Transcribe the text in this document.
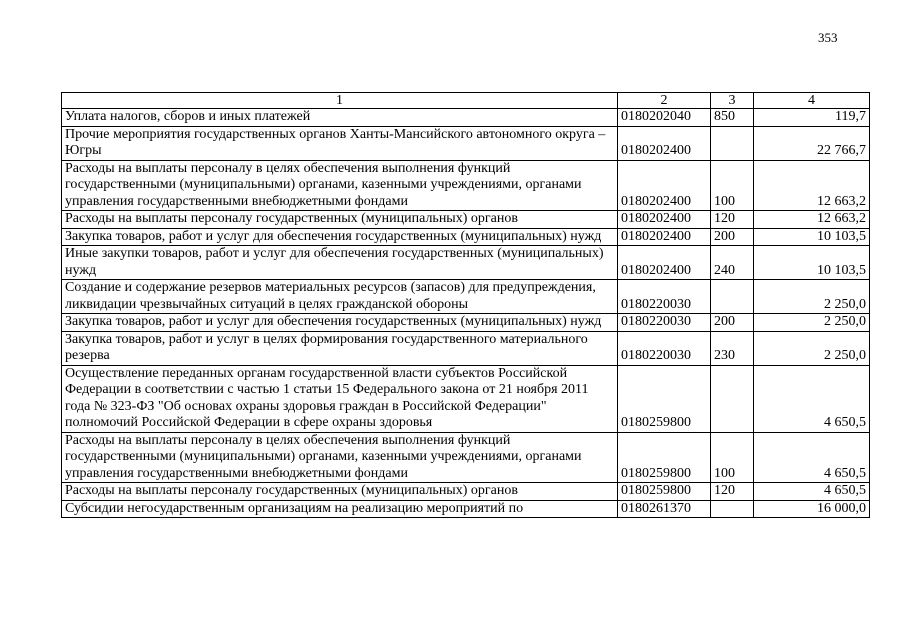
353
1	2	3	4
Уплата налогов, сборов и иных платежей	0180202040	850	119,7
Прочие мероприятия государственных органов Ханты-Мансийского автономного округа – Югры	0180202400		22 766,7
Расходы на выплаты персоналу в целях обеспечения выполнения функций государственными (муниципальными) органами, казенными учреждениями, органами управления государственными внебюджетными фондами	0180202400	100	12 663,2
Расходы на выплаты персоналу государственных (муниципальных) органов	0180202400	120	12 663,2
Закупка товаров, работ и услуг для обеспечения государственных (муниципальных) нужд	0180202400	200	10 103,5
Иные закупки товаров, работ и услуг для обеспечения государственных (муниципальных) нужд	0180202400	240	10 103,5
Создание и содержание резервов материальных ресурсов (запасов) для предупреждения, ликвидации чрезвычайных ситуаций в целях гражданской обороны	0180220030		2 250,0
Закупка товаров, работ и услуг для обеспечения государственных (муниципальных) нужд	0180220030	200	2 250,0
Закупка товаров, работ и услуг в целях формирования государственного материального резерва	0180220030	230	2 250,0
Осуществление переданных органам государственной власти субъектов Российской Федерации в соответствии с частью 1 статьи 15 Федерального закона от 21 ноября 2011 года № 323-ФЗ "Об основах охраны здоровья граждан в Российской Федерации" полномочий Российской Федерации в сфере охраны здоровья	0180259800		4 650,5
Расходы на выплаты персоналу в целях обеспечения выполнения функций государственными (муниципальными) органами, казенными учреждениями, органами управления государственными внебюджетными фондами	0180259800	100	4 650,5
Расходы на выплаты персоналу государственных (муниципальных) органов	0180259800	120	4 650,5
Субсидии негосударственным организациям на реализацию мероприятий по	0180261370		16 000,0
